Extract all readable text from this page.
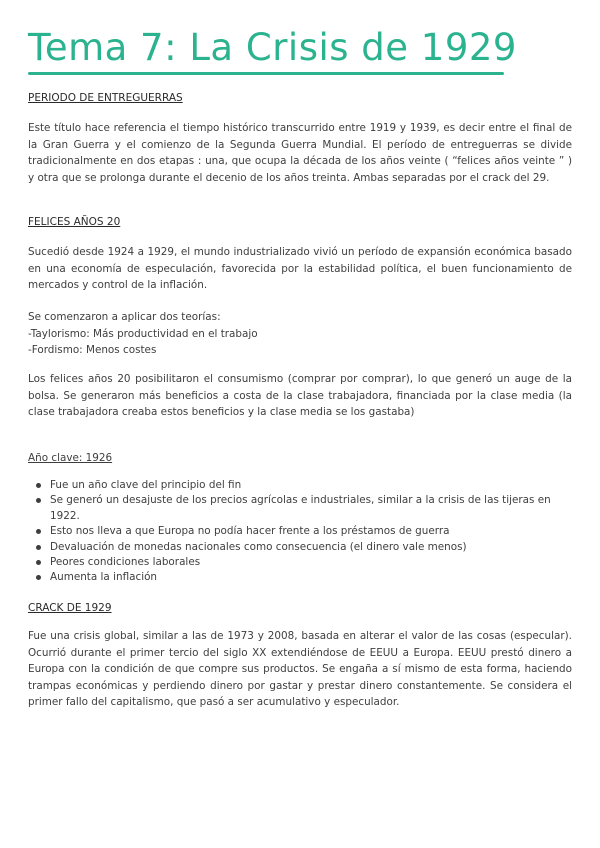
Tema 7: La Crisis de 1929
PERIODO DE ENTREGUERRAS
Este título hace referencia el tiempo histórico transcurrido entre 1919 y 1939, es decir entre el final de la Gran Guerra y el comienzo de la Segunda Guerra Mundial. El período de entreguerras se divide tradicionalmente en dos etapas : una, que ocupa la década de los años veinte ( “felices años veinte ” ) y otra que se prolonga durante el decenio de los años treinta. Ambas separadas por el crack del 29.
FELICES AÑOS 20
Sucedió desde 1924 a 1929, el mundo industrializado vivió un período de expansión económica basado en una economía de especulación, favorecida por la estabilidad política, el buen funcionamiento de mercados y control de la inflación.
Se comenzaron a aplicar dos teorías:
-Taylorismo: Más productividad en el trabajo
-Fordismo: Menos costes
Los felices años 20 posibilitaron el consumismo (comprar por comprar), lo que generó un auge de la bolsa. Se generaron más beneficios a costa de la clase trabajadora, financiada por la clase media (la clase trabajadora creaba estos beneficios y la clase media se los gastaba)
Año clave: 1926
Fue un año clave del principio del fin
Se generó un desajuste de los precios agrícolas e industriales, similar a la crisis de las tijeras en 1922.
Esto nos lleva a que Europa no podía hacer frente a los préstamos de guerra
Devaluación de monedas nacionales como consecuencia (el dinero vale menos)
Peores condiciones laborales
Aumenta la inflación
CRACK DE 1929
Fue una crisis global, similar a las de 1973 y 2008, basada en alterar el valor de las cosas (especular). Ocurrió durante el primer tercio del siglo XX extendiéndose de EEUU a Europa. EEUU prestó dinero a Europa con la condición de que compre sus productos. Se engaña a sí mismo de esta forma, haciendo trampas económicas y perdiendo dinero por gastar y prestar dinero constantemente. Se considera el primer fallo del capitalismo, que pasó a ser acumulativo y especulador.
